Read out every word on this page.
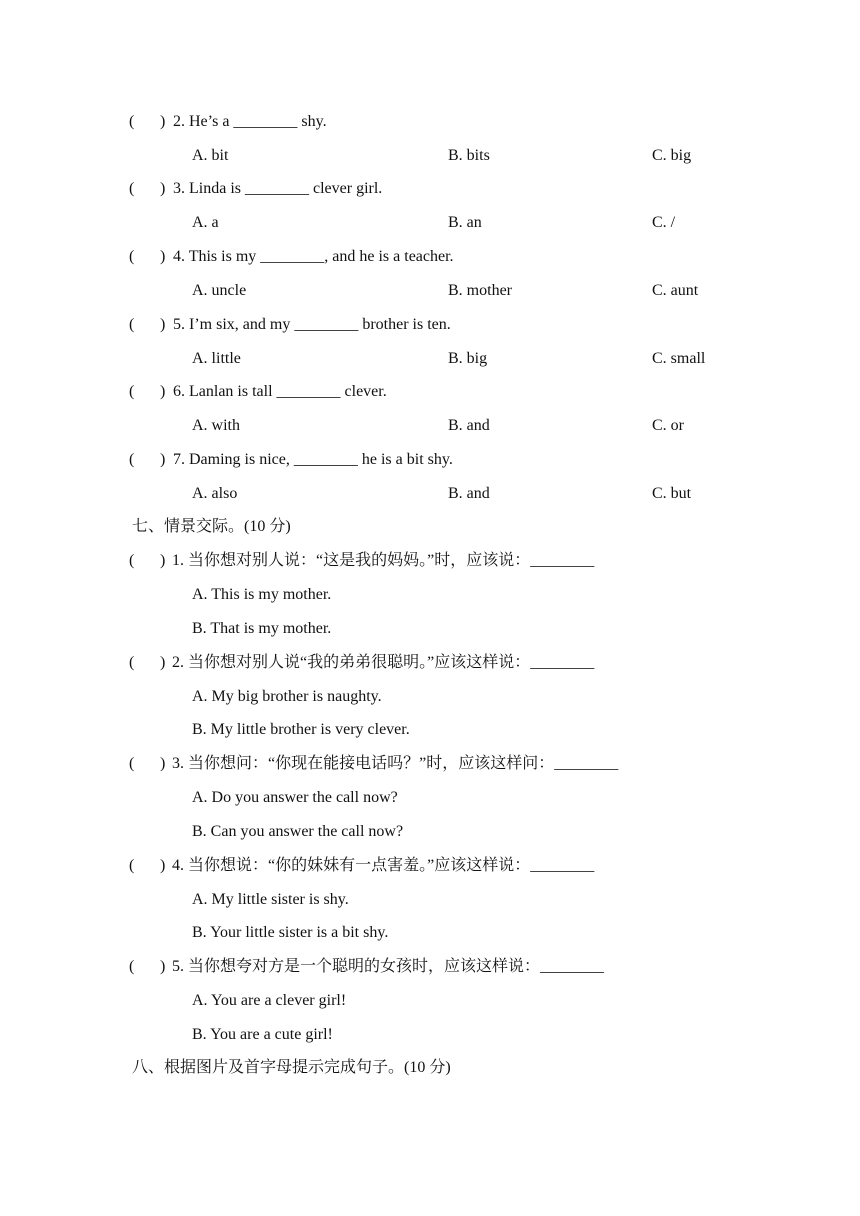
( ) 2. He’s a ________ shy.
A. bit	B. bits	C. big
( ) 3. Linda is ________ clever girl.
A. a	B. an	C. /
( ) 4. This is my ________, and he is a teacher.
A. uncle	B. mother	C. aunt
( ) 5. I’m six, and my ________ brother is ten.
A. little	B. big	C. small
( ) 6. Lanlan is tall ________ clever.
A. with	B. and	C. or
( ) 7. Daming is nice, ________ he is a bit shy.
A. also	B. and	C. but
七、情景交际。(10 分)
( ) 1. 当你想对别人说：“这是我的妈妈。”时，应该说：________
A. This is my mother.
B. That is my mother.
( ) 2. 当你想对别人说“我的弟弟很聪明。”应该这样说：________
A. My big brother is naughty.
B. My little brother is very clever.
( ) 3. 当你想问：“你现在能接电话吗？”时，应该这样问：________
A. Do you answer the call now?
B. Can you answer the call now?
( ) 4. 当你想说：“你的妹妹有一点害羞。”应该这样说：________
A. My little sister is shy.
B. Your little sister is a bit shy.
( ) 5. 当你想夸对方是一个聪明的女孩时，应该这样说：________
A. You are a clever girl!
B. You are a cute girl!
八、根据图片及首字母提示完成句子。(10 分)
